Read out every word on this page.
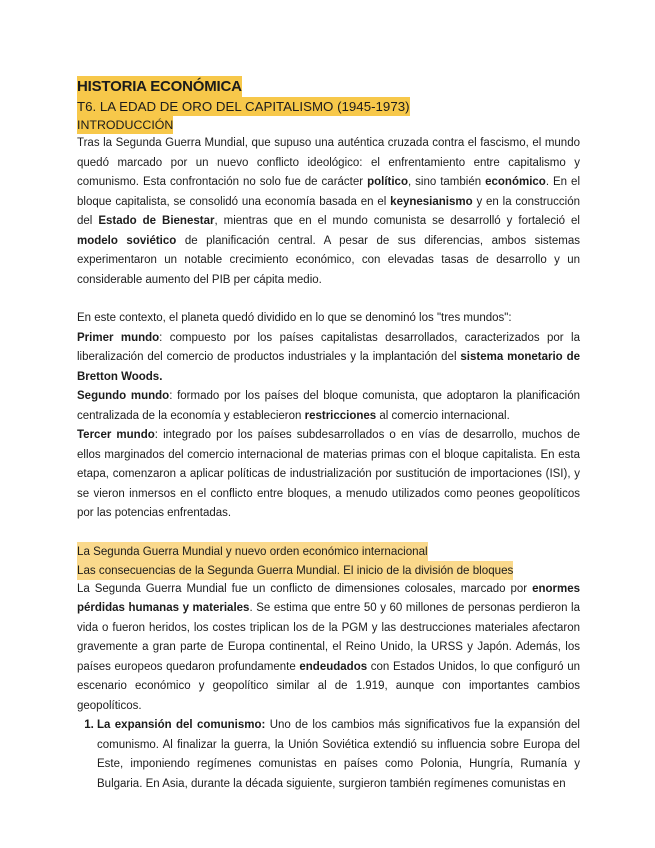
HISTORIA ECONÓMICA
T6. LA EDAD DE ORO DEL CAPITALISMO (1945-1973)
INTRODUCCIÓN

Tras la Segunda Guerra Mundial, que supuso una auténtica cruzada contra el fascismo, el mundo quedó marcado por un nuevo conflicto ideológico: el enfrentamiento entre capitalismo y comunismo. Esta confrontación no solo fue de carácter político, sino también económico. En el bloque capitalista, se consolidó una economía basada en el keynesianismo y en la construcción del Estado de Bienestar, mientras que en el mundo comunista se desarrolló y fortaleció el modelo soviético de planificación central. A pesar de sus diferencias, ambos sistemas experimentaron un notable crecimiento económico, con elevadas tasas de desarrollo y un considerable aumento del PIB per cápita medio.

En este contexto, el planeta quedó dividido en lo que se denominó los "tres mundos":

Primer mundo: compuesto por los países capitalistas desarrollados, caracterizados por la liberalización del comercio de productos industriales y la implantación del sistema monetario de Bretton Woods.

Segundo mundo: formado por los países del bloque comunista, que adoptaron la planificación centralizada de la economía y establecieron restricciones al comercio internacional.

Tercer mundo: integrado por los países subdesarrollados o en vías de desarrollo, muchos de ellos marginados del comercio internacional de materias primas con el bloque capitalista. En esta etapa, comenzaron a aplicar políticas de industrialización por sustitución de importaciones (ISI), y se vieron inmersos en el conflicto entre bloques, a menudo utilizados como peones geopolíticos por las potencias enfrentadas.

La Segunda Guerra Mundial y nuevo orden económico internacional
Las consecuencias de la Segunda Guerra Mundial. El inicio de la división de bloques

La Segunda Guerra Mundial fue un conflicto de dimensiones colosales, marcado por enormes pérdidas humanas y materiales. Se estima que entre 50 y 60 millones de personas perdieron la vida o fueron heridos, los costes triplican los de la PGM y las destrucciones materiales afectaron gravemente a gran parte de Europa continental, el Reino Unido, la URSS y Japón. Además, los países europeos quedaron profundamente endeudados con Estados Unidos, lo que configuró un escenario económico y geopolítico similar al de 1.919, aunque con importantes cambios geopolíticos.

1. La expansión del comunismo: Uno de los cambios más significativos fue la expansión del comunismo. Al finalizar la guerra, la Unión Soviética extendió su influencia sobre Europa del Este, imponiendo regímenes comunistas en países como Polonia, Hungría, Rumanía y Bulgaria. En Asia, durante la década siguiente, surgieron también regímenes comunistas en
